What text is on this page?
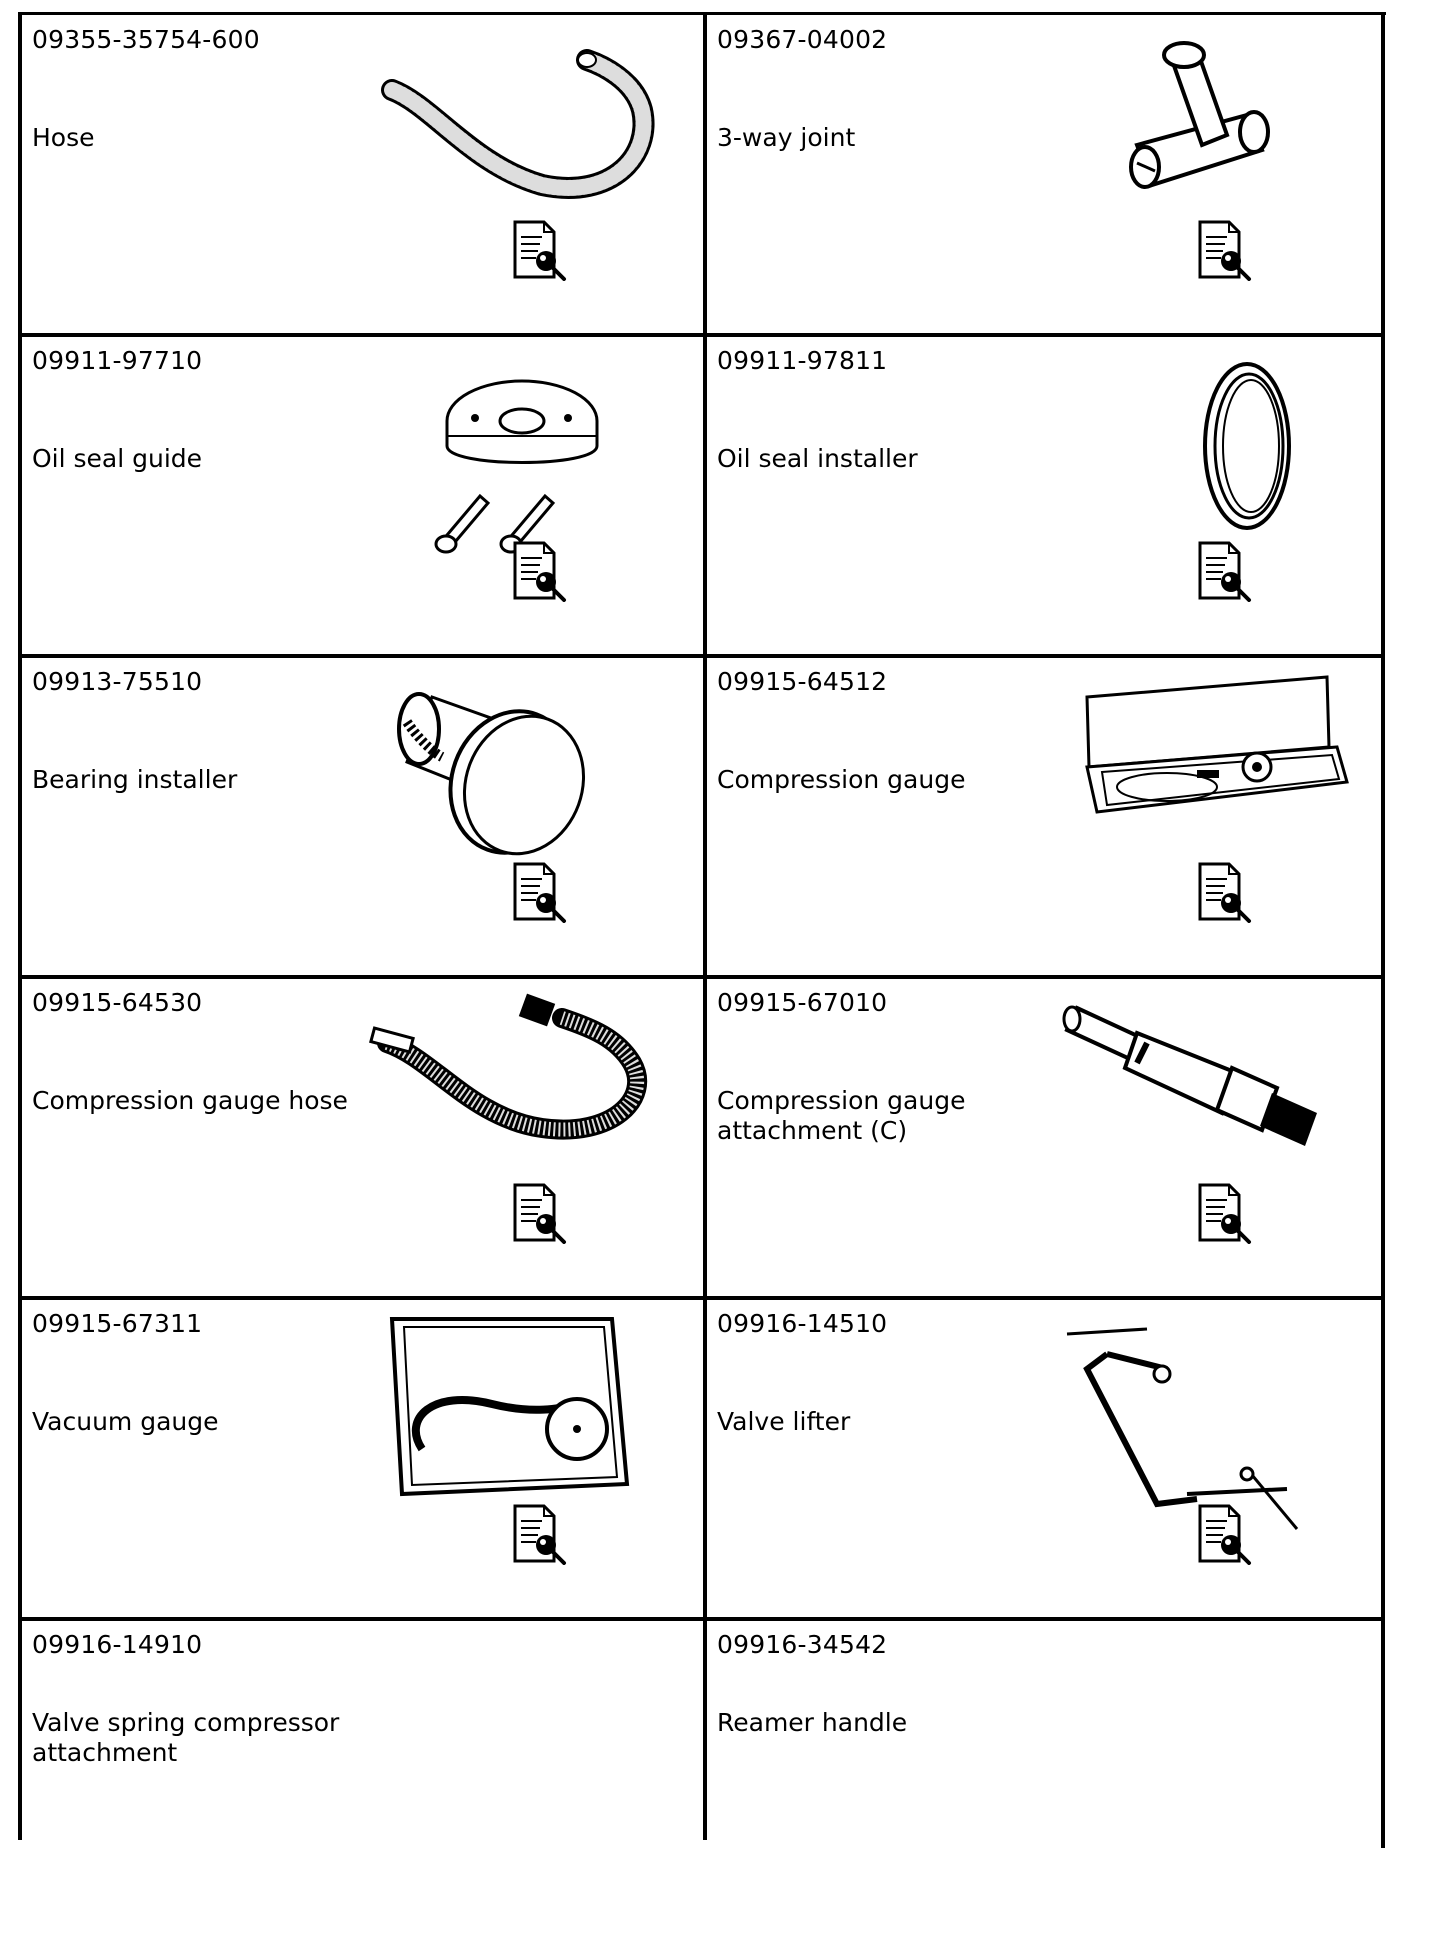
09355-35754-600
Hose
09367-04002
3-way joint
09911-97710
Oil seal guide
09911-97811
Oil seal installer
09913-75510
Bearing installer
09915-64512
Compression gauge
09915-64530
Compression gauge hose
09915-67010
Compression gauge attachment (C)
09915-67311
Vacuum gauge
09916-14510
Valve lifter
09916-14910
Valve spring compressor attachment
09916-34542
Reamer handle
